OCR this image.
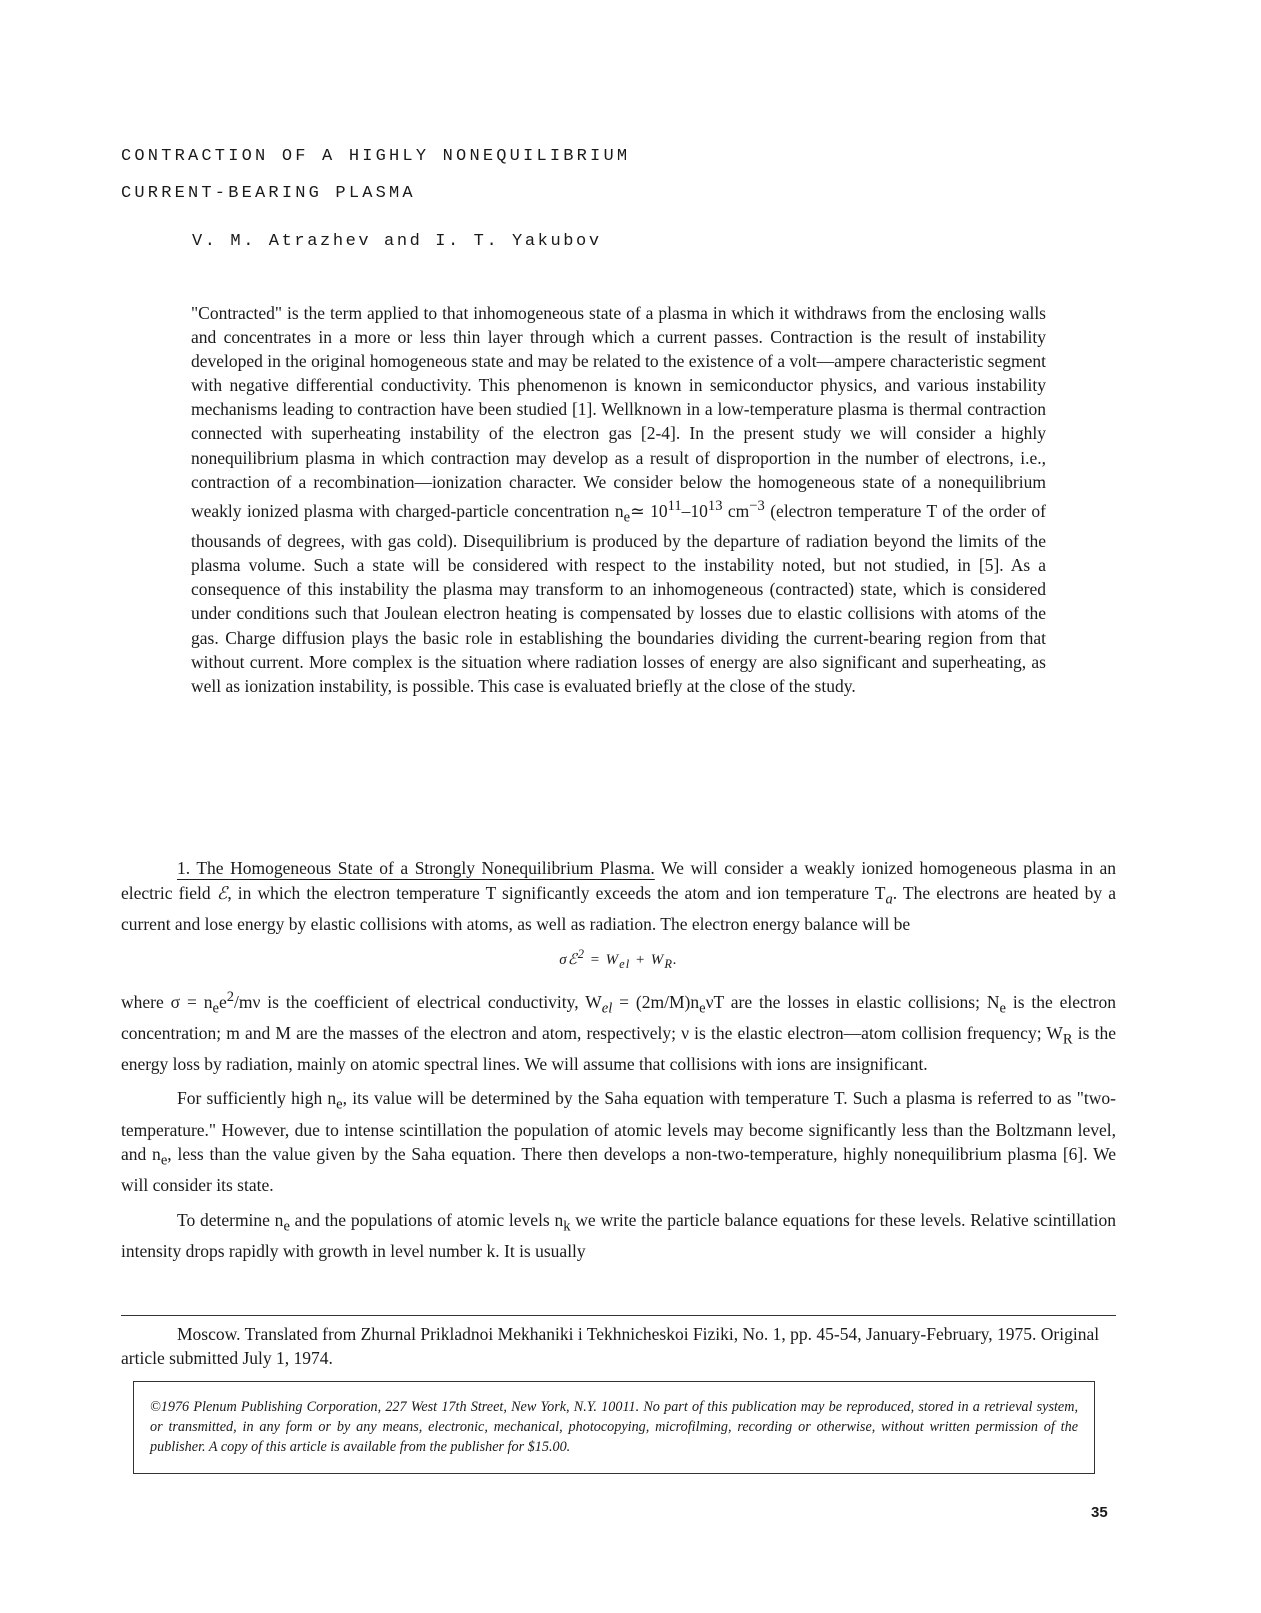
CONTRACTION OF A HIGHLY NONEQUILIBRIUM
CURRENT-BEARING PLASMA

V. M. Atrazhev and I. T. Yakubov

"Contracted" is the term applied to that inhomogeneous state of a plasma in which it withdraws from the enclosing walls and concentrates in a more or less thin layer through which a current passes. Contraction is the result of instability developed in the original homogeneous state and may be related to the existence of a volt—ampere characteristic segment with negative differential conductivity. This phenomenon is known in semiconductor physics, and various instability mechanisms leading to contraction have been studied [1]. Wellknown in a low-temperature plasma is thermal contraction connected with superheating instability of the electron gas [2-4]. In the present study we will consider a highly nonequilibrium plasma in which contraction may develop as a result of disproportion in the number of electrons, i.e., contraction of a recombination—ionization character. We consider below the homogeneous state of a nonequilibrium weakly ionized plasma with charged-particle concentration $n_e≃$ $10^{11}-10^{13}$ $cm^{-3}$ (electron temperature T of the order of thousands of degrees, with gas cold). Disequilibrium is produced by the departure of radiation beyond the limits of the plasma volume. Such a state will be considered with respect to the instability noted, but not studied, in [5]. As a consequence of this instability the plasma may transform to an inhomogeneous (contracted) state, which is considered under conditions such that Joulean electron heating is compensated by losses due to elastic collisions with atoms of the gas. Charge diffusion plays the basic role in establishing the boundaries dividing the current-bearing region from that without current. More complex is the situation where radiation losses of energy are also significant and superheating, as well as ionization instability, is possible. This case is evaluated briefly at the close of the study.

1. The Homogeneous State of a Strongly Nonequilibrium Plasma. We will consider a weakly ionized homogeneous plasma in an electric field ℰ, in which the electron temperature T significantly exceeds the atom and ion temperature $T_a$. The electrons are heated by a current and lose energy by elastic collisions with atoms, as well as radiation. The electron energy balance will be

σℰ$^2$ = $W_{el} + W_R$.

where $\sigma = n_ee^2/m\nu$ is the coefficient of electrical conductivity, $W_{el} = (2m/M)n_e\nu T$ are the losses in elastic collisions; $N_e$ is the electron concentration; m and M are the masses of the electron and atom, respectively; ν is the elastic electron—atom collision frequency; $W_R$ is the energy loss by radiation, mainly on atomic spectral lines. We will assume that collisions with ions are insignificant.

For sufficiently high $n_e$, its value will be determined by the Saha equation with temperature T. Such a plasma is referred to as "two-temperature." However, due to intense scintillation the population of atomic levels may become significantly less than the Boltzmann level, and $n_e$, less than the value given by the Saha equation. There then develops a non-two-temperature, highly nonequilibrium plasma [6]. We will consider its state.

To determine $n_e$ and the populations of atomic levels $n_k$ we write the particle balance equations for these levels. Relative scintillation intensity drops rapidly with growth in level number k. It is usually

Moscow. Translated from Zhurnal Prikladnoi Mekhaniki i Tekhnicheskoi Fiziki, No. 1, pp. 45-54, January-February, 1975. Original article submitted July 1, 1974.
©1976 Plenum Publishing Corporation, 227 West 17th Street, New York, N.Y. 10011. No part of this publication may be reproduced, stored in a retrieval system, or transmitted, in any form or by any means, electronic, mechanical, photocopying, microfilming, recording or otherwise, without written permission of the publisher. A copy of this article is available from the publisher for $15.00.
35
